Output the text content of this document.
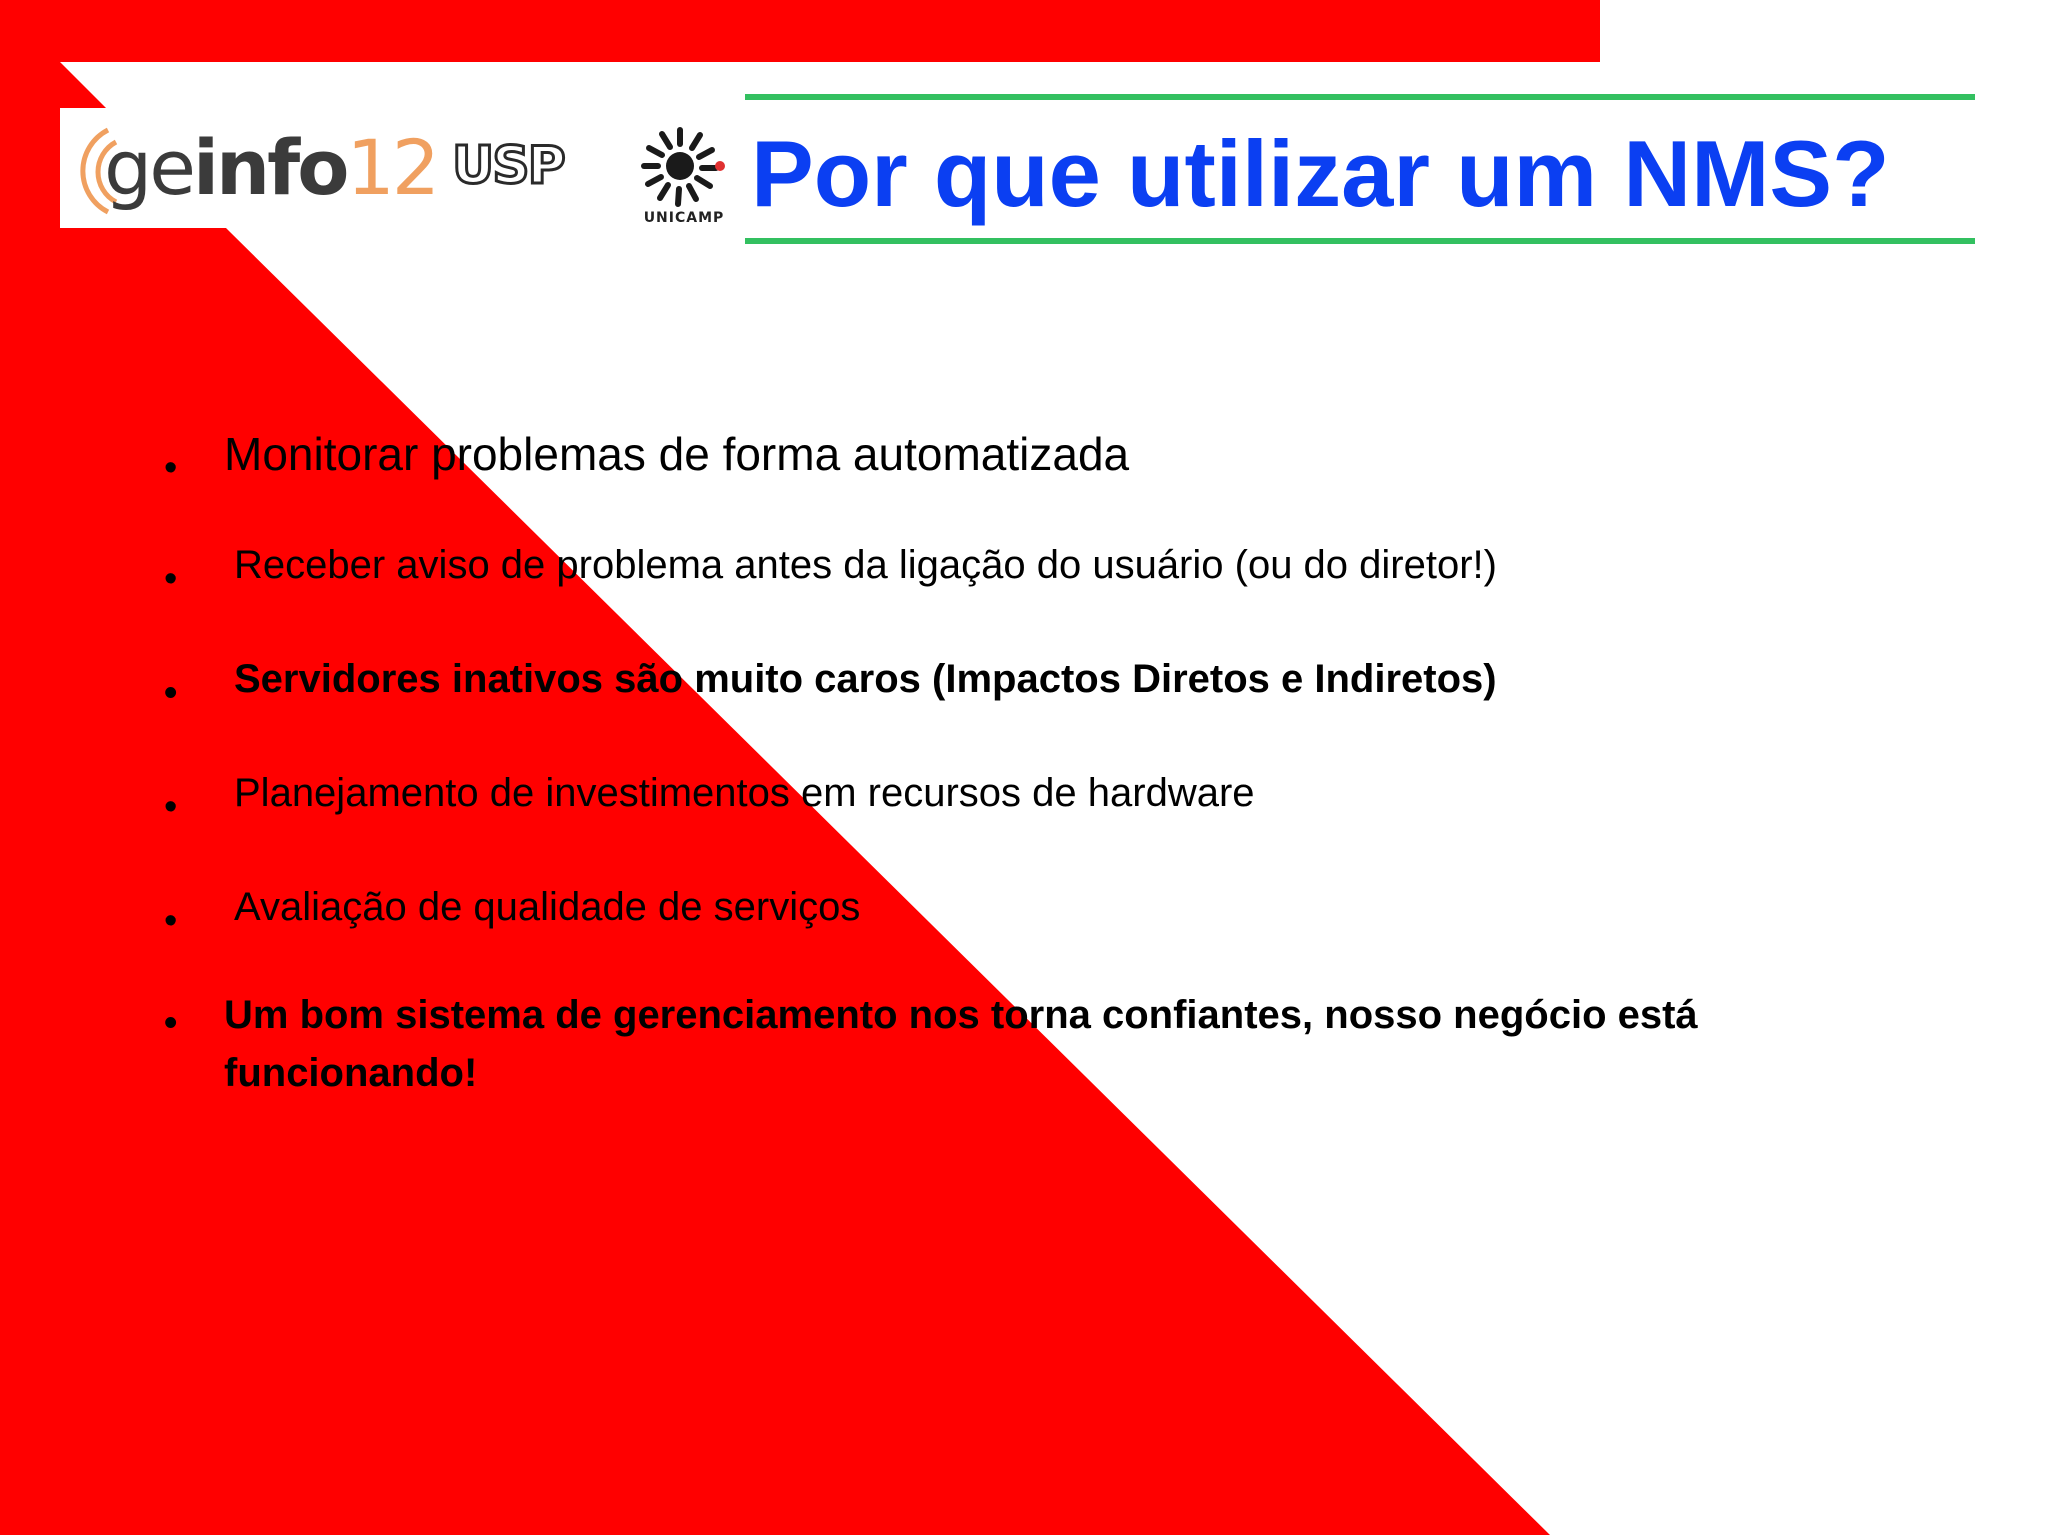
geinfo12 USP
UNICAMP Por que utilizar um NMS?
• Monitorar problemas de forma automatizada
• Receber aviso de problema antes da ligação do usuário (ou do diretor!)
• Servidores inativos são muito caros (Impactos Diretos e Indiretos)
• Planejamento de investimentos em recursos de hardware
• Avaliação de qualidade de serviços
• Um bom sistema de gerenciamento nos torna confiantes, nosso negócio está funcionando!
